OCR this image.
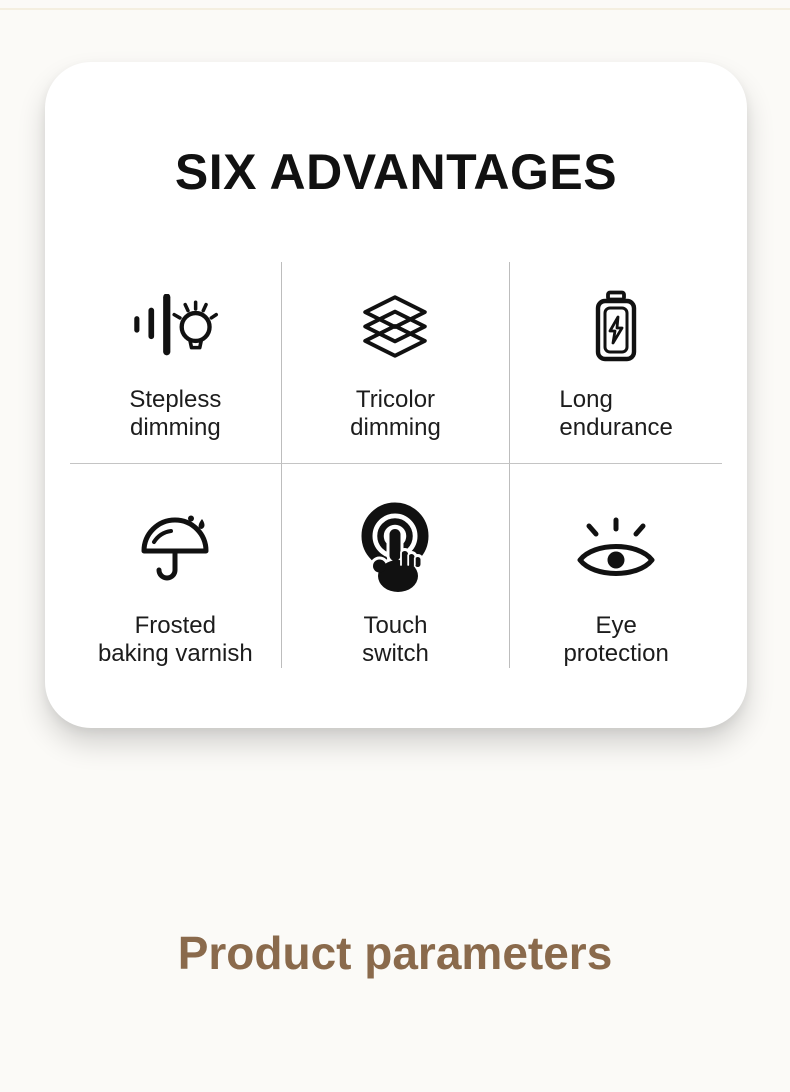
SIX ADVANTAGES
Stepless
dimming
Tricolor
dimming
Long
endurance
Frosted
baking varnish
Touch
switch
Eye
protection
Product parameters
